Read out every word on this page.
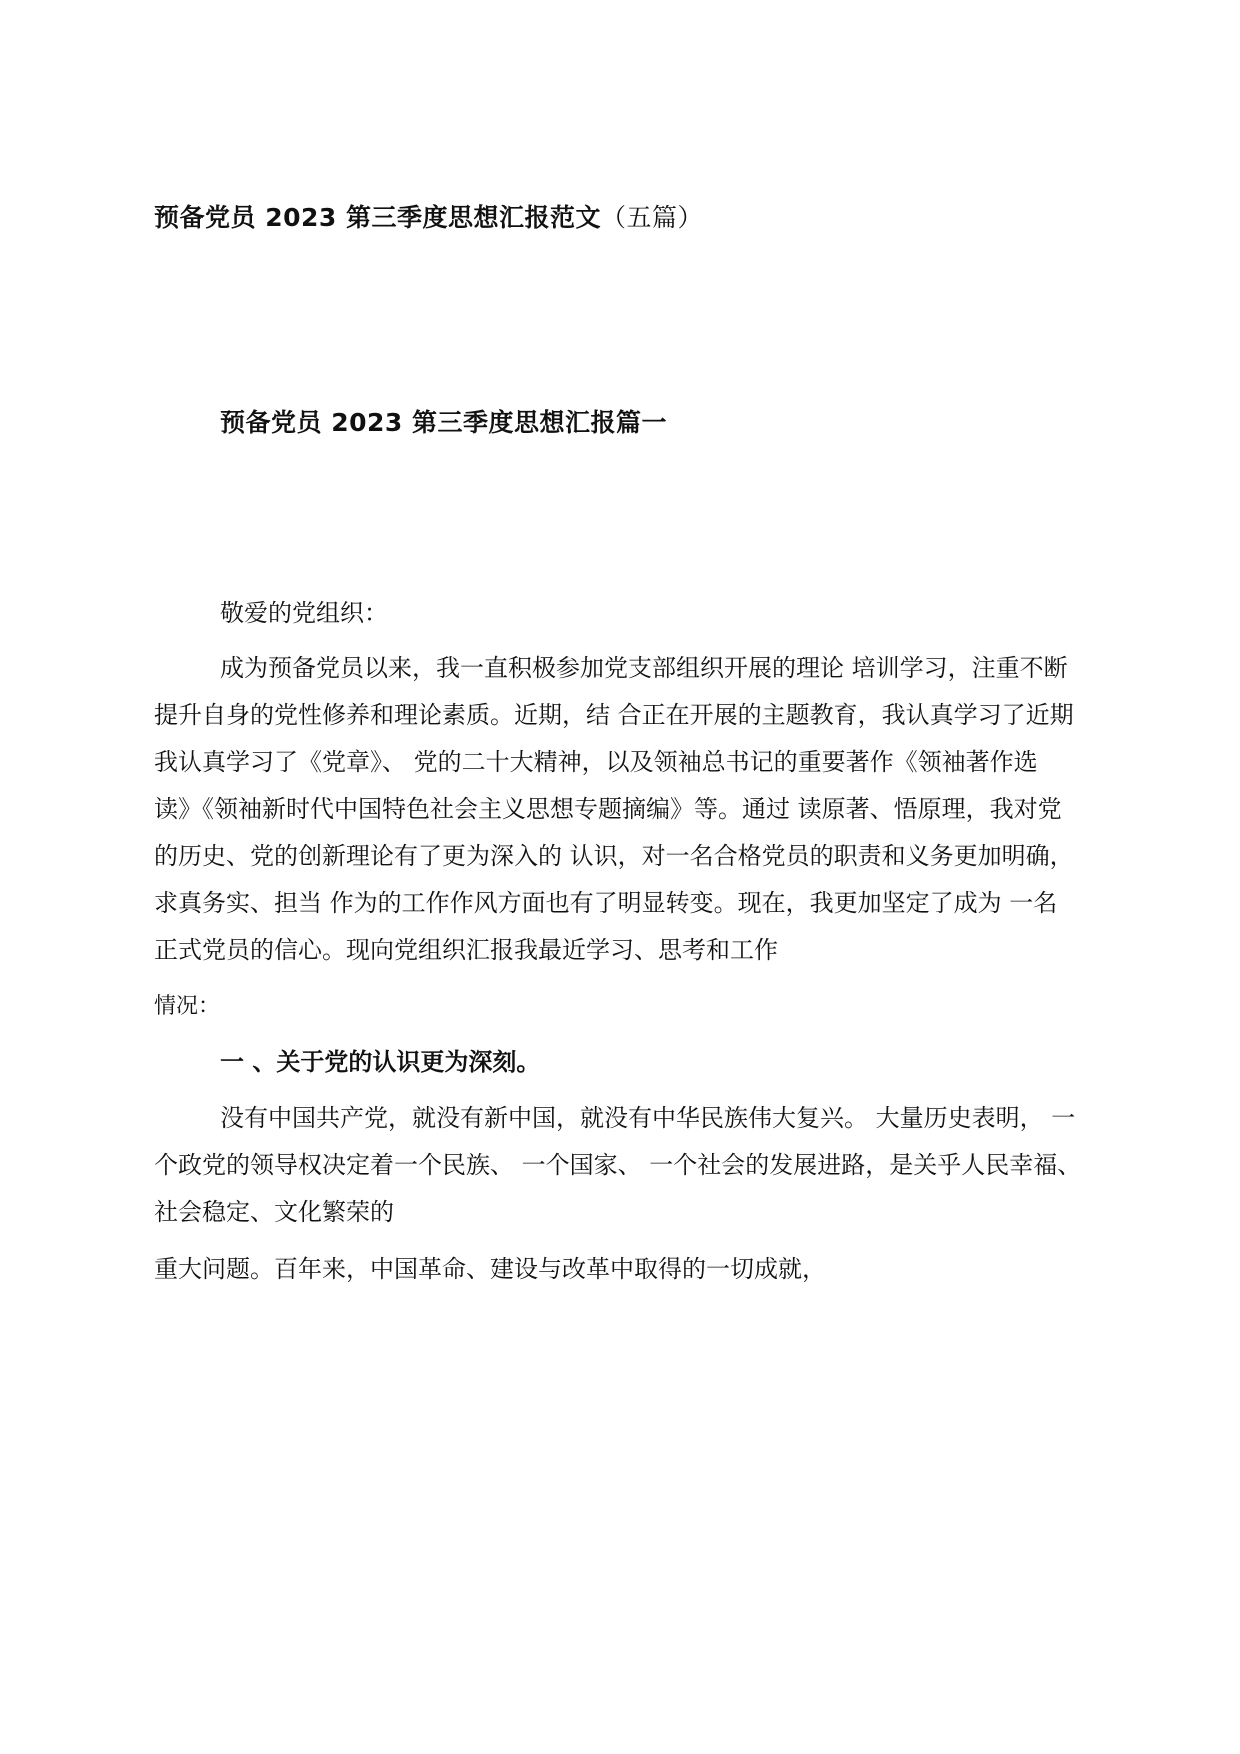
预备党员 2023 第三季度思想汇报范文（五篇）
预备党员 2023 第三季度思想汇报篇一
敬爱的党组织：
成为预备党员以来，我一直积极参加党支部组织开展的理论 培训学习，注重不断
提升自身的党性修养和理论素质。近期，结 合正在开展的主题教育，我认真学习了近期
我认真学习了《党章》、 党的二十大精神，以及领袖总书记的重要著作《领袖著作选
读》《领袖新时代中国特色社会主义思想专题摘编》等。通过 读原著、悟原理，我对党
的历史、党的创新理论有了更为深入的 认识，对一名合格党员的职责和义务更加明确，
求真务实、担当 作为的工作作风方面也有了明显转变。现在，我更加坚定了成为 一名
正式党员的信心。现向党组织汇报我最近学习、思考和工作
情况：
一 、关于党的认识更为深刻。
没有中国共产党，就没有新中国，就没有中华民族伟大复兴。 大量历史表明， 一
个政党的领导权决定着一个民族、 一个国家、 一个社会的发展进路，是关乎人民幸福、
社会稳定、文化繁荣的
重大问题。百年来，中国革命、建设与改革中取得的一切成就，
